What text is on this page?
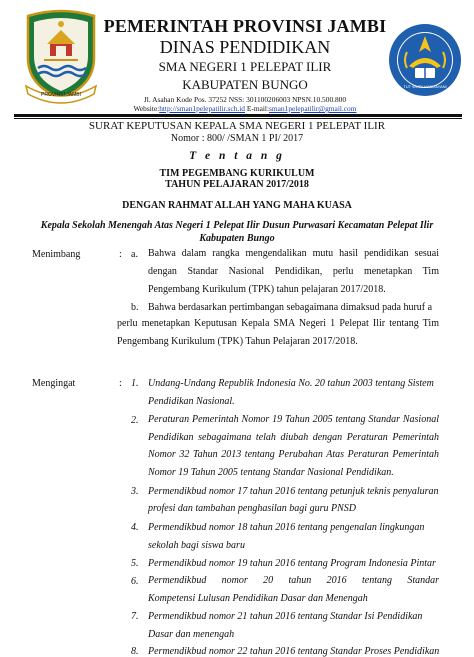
PROVINSI JAMBI
PEMERINTAH PROVINSI JAMBI
DINAS PENDIDIKAN
SMA NEGERI 1 PELEPAT ILIR
KABUPATEN BUNGO
Jl. Asahan Kode Pos. 37252 NSS: 301100206003 NPSN.10.500.800
Website:http://sman1pelepatilir.sch.id E-mail:sman1pelepatilir@gmail.com
TUT WURI HANDAYANI
SURAT KEPUTUSAN KEPALA SMA NEGERI 1 PELEPAT ILIR
Nomor : 800/ /SMAN 1 PI/ 2017
T e n t a n g
TIM PEGEMBANG KURIKULUM
TAHUN PELAJARAN 2017/2018
DENGAN RAHMAT ALLAH YANG MAHA KUASA
Kepala Sekolah Menengah Atas Negeri 1 Pelepat Ilir Dusun Purwasari Kecamatan Pelepat Ilir Kabupaten Bungo
Menimbang	: a. Bahwa dalam rangka mengendalikan mutu hasil pendidikan sesuai dengan Standar Nasional Pendidikan, perlu menetapkan Tim

Pengembang Kurikulum (TPK) tahun pelajaran 2017/2018.
b. Bahwa berdasarkan pertimbangan sebagaimana dimaksud pada huruf a

perlu menetapkan Keputusan Kepala SMA Negeri 1 Pelepat Ilir tentang Tim Pengembang Kurikulum (TPK) Tahun Pelajaran 2017/2018.

Mengingat	: 1. Undang-Undang Republik Indonesia No. 20 tahun 2003 tentang Sistem
Pendidikan Nasional.
2. Peraturan Pemerintah Nomor 19 Tahun 2005 tentang Standar Nasional Pendidikan sebagaimana telah diubah dengan Peraturan Pemerintah Nomor 32 Tahun 2013 tentang Perubahan Atas Peraturan Pemerintah

Nomor 19 Tahun 2005 tentang Standar Nasional Pendidikan.
3. Permendikbud nomor 17 tahun 2016 tentang petunjuk teknis penyaluran
profesi dan tambahan penghasilan bagi guru PNSD
4. Permendikbud nomor 18 tahun 2016 tentang pengenalan lingkungan
sekolah bagi siswa baru
5. Permendikbud nomor 19 tahun 2016 tentang Program Indonesia Pintar
6. Permendikbud nomor 20 tahun 2016 tentang Standar

Kompetensi Lulusan Pendidikan Dasar dan Menengah
7. Permendikbud nomor 21 tahun 2016 tentang Standar Isi Pendidikan
Dasar dan menengah
8. Permendikbud nomor 22 tahun 2016 tentang Standar Proses Pendidikan
